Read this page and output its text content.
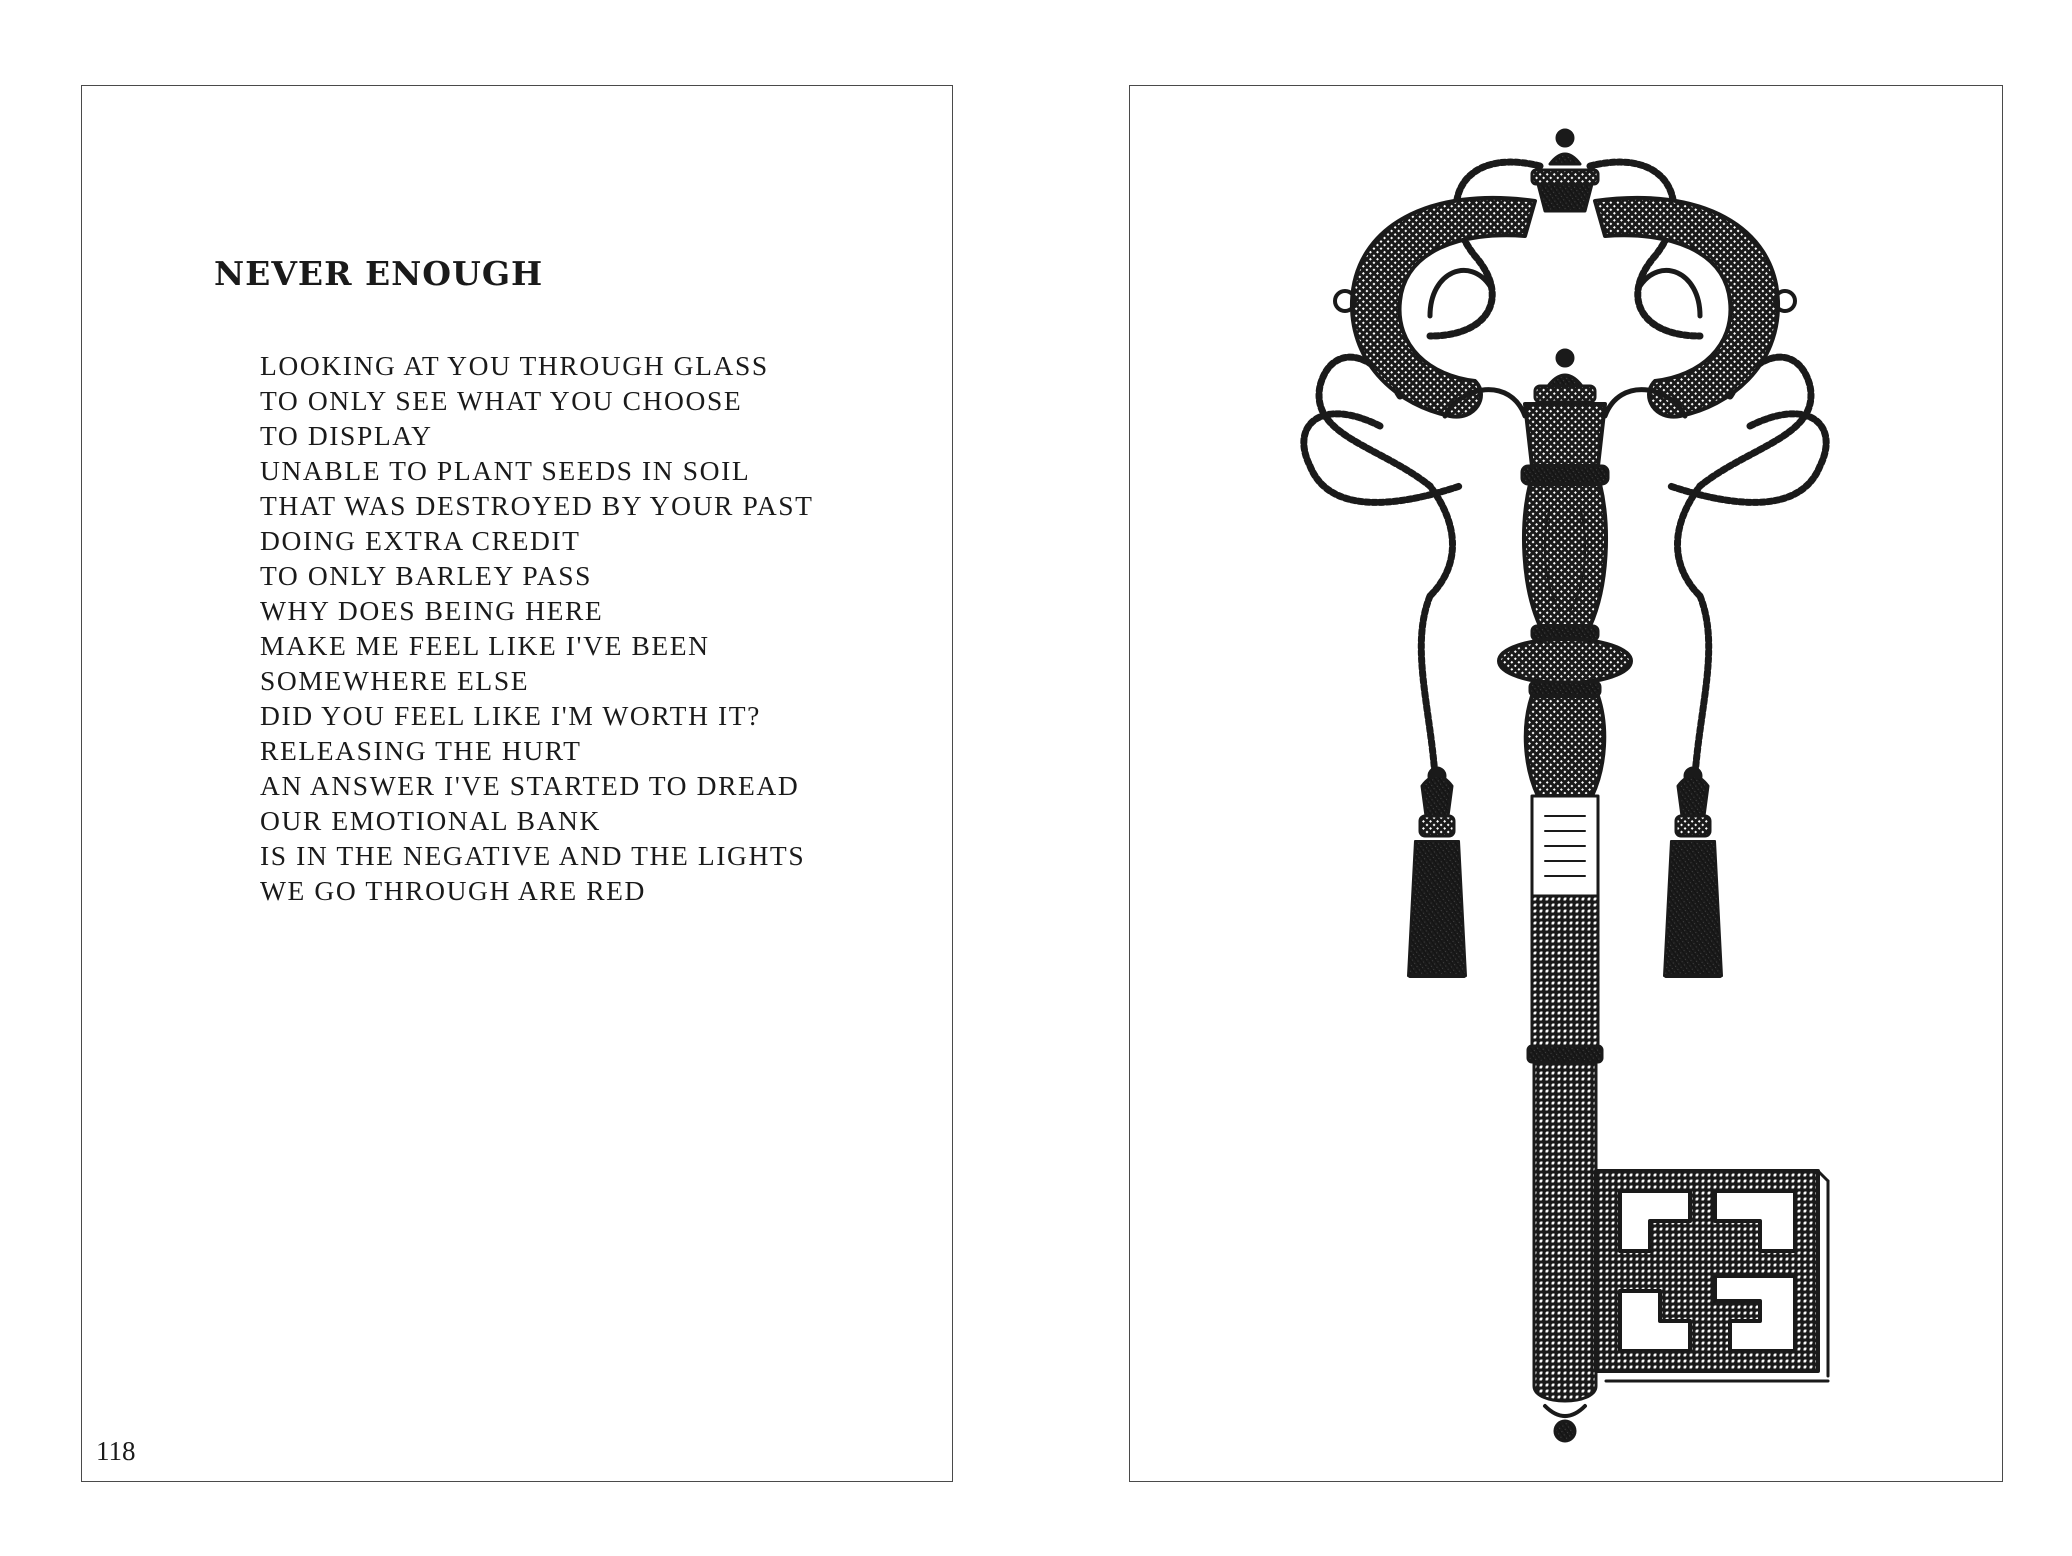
NEVER ENOUGH
LOOKING AT YOU THROUGH GLASS
TO ONLY SEE WHAT YOU CHOOSE
TO DISPLAY
UNABLE TO PLANT SEEDS IN SOIL
THAT WAS DESTROYED BY YOUR PAST
DOING EXTRA CREDIT
TO ONLY BARLEY PASS
WHY DOES BEING HERE
MAKE ME FEEL LIKE I'VE BEEN
SOMEWHERE ELSE
DID YOU FEEL LIKE I'M WORTH IT?
RELEASING THE HURT
AN ANSWER I'VE STARTED TO DREAD
OUR EMOTIONAL BANK
IS IN THE NEGATIVE AND THE LIGHTS
WE GO THROUGH ARE RED
118
